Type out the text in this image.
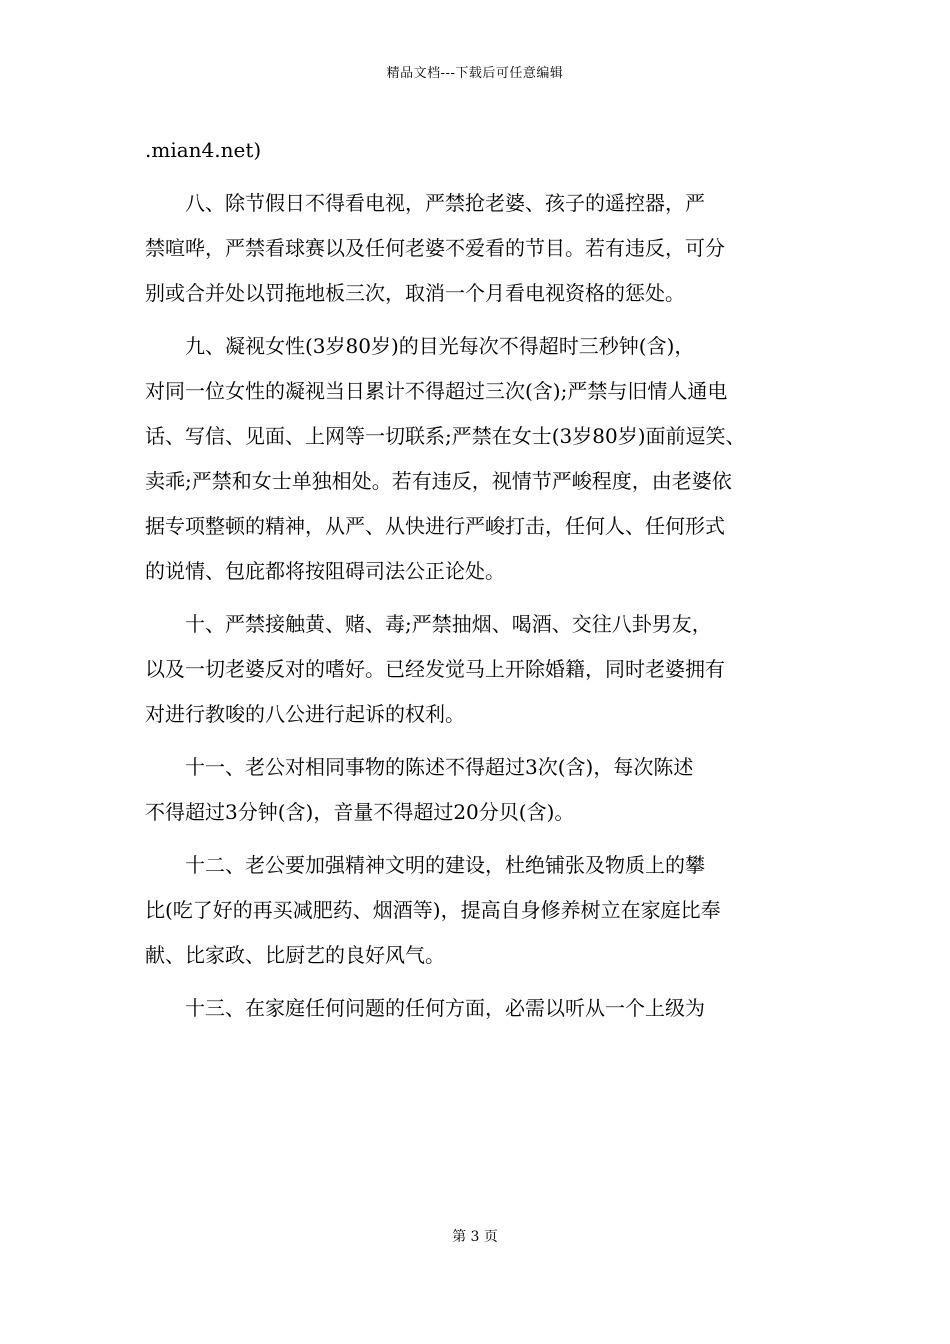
精品文档---下载后可任意编辑
.mian4.net)
　　八、除节假日不得看电视，严禁抢老婆、孩子的遥控器，严
禁喧哗，严禁看球赛以及任何老婆不爱看的节目。若有违反，可分
别或合并处以罚拖地板三次，取消一个月看电视资格的惩处。
　　九、凝视女性(3岁80岁)的目光每次不得超时三秒钟(含)，
对同一位女性的凝视当日累计不得超过三次(含);严禁与旧情人通电
话、写信、见面、上网等一切联系;严禁在女士(3岁80岁)面前逗笑、
卖乖;严禁和女士单独相处。若有违反，视情节严峻程度，由老婆依
据专项整顿的精神，从严、从快进行严峻打击，任何人、任何形式
的说情、包庇都将按阻碍司法公正论处。
　　十、严禁接触黄、赌、毒;严禁抽烟、喝酒、交往八卦男友，
以及一切老婆反对的嗜好。已经发觉马上开除婚籍，同时老婆拥有
对进行教唆的八公进行起诉的权利。
　　十一、老公对相同事物的陈述不得超过3次(含)，每次陈述
不得超过3分钟(含)，音量不得超过20分贝(含)。
　　十二、老公要加强精神文明的建设，杜绝铺张及物质上的攀
比(吃了好的再买减肥药、烟酒等)，提高自身修养树立在家庭比奉
献、比家政、比厨艺的良好风气。
　　十三、在家庭任何问题的任何方面，必需以听从一个上级为
第 3 页
